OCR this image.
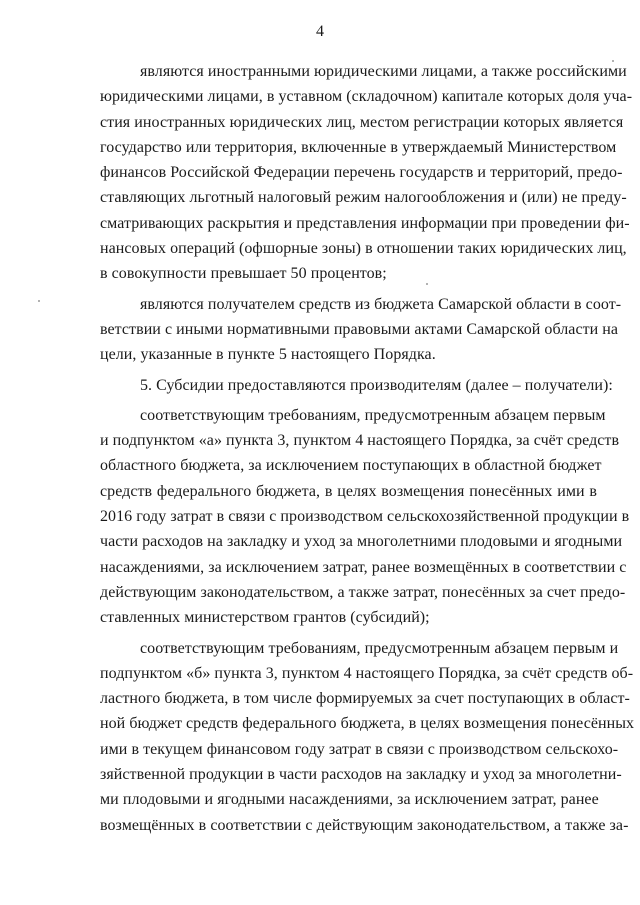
4
являются иностранными юридическими лицами, а также российскими
юридическими лицами, в уставном (складочном) капитале которых доля уча-
стия иностранных юридических лиц, местом регистрации которых является
государство или территория, включенные в утверждаемый Министерством
финансов Российской Федерации перечень государств и территорий, предо-
ставляющих льготный налоговый режим налогообложения и (или) не преду-
сматривающих раскрытия и представления информации при проведении фи-
нансовых операций (офшорные зоны) в отношении таких юридических лиц,
в совокупности превышает 50 процентов;
являются получателем средств из бюджета Самарской области в соот-
ветствии с иными нормативными правовыми актами Самарской области на
цели, указанные в пункте 5 настоящего Порядка.
5. Субсидии предоставляются производителям (далее – получатели):
соответствующим требованиям, предусмотренным абзацем первым
и подпунктом «а» пункта 3, пунктом 4 настоящего Порядка, за счёт средств
областного бюджета, за исключением поступающих в областной бюджет
средств федерального бюджета, в целях возмещения понесённых ими в
2016 году затрат в связи с производством сельскохозяйственной продукции в
части расходов на закладку и уход за многолетними плодовыми и ягодными
насаждениями, за исключением затрат, ранее возмещённых в соответствии с
действующим законодательством, а также затрат, понесённых за счет предо-
ставленных министерством грантов (субсидий);
соответствующим требованиям, предусмотренным абзацем первым и
подпунктом «б» пункта 3, пунктом 4 настоящего Порядка, за счёт средств об-
ластного бюджета, в том числе формируемых за счет поступающих в област-
ной бюджет средств федерального бюджета, в целях возмещения понесённых
ими в текущем финансовом году затрат в связи с производством сельскохо-
зяйственной продукции в части расходов на закладку и уход за многолетни-
ми плодовыми и ягодными насаждениями, за исключением затрат, ранее
возмещённых в соответствии с действующим законодательством, а также за-
